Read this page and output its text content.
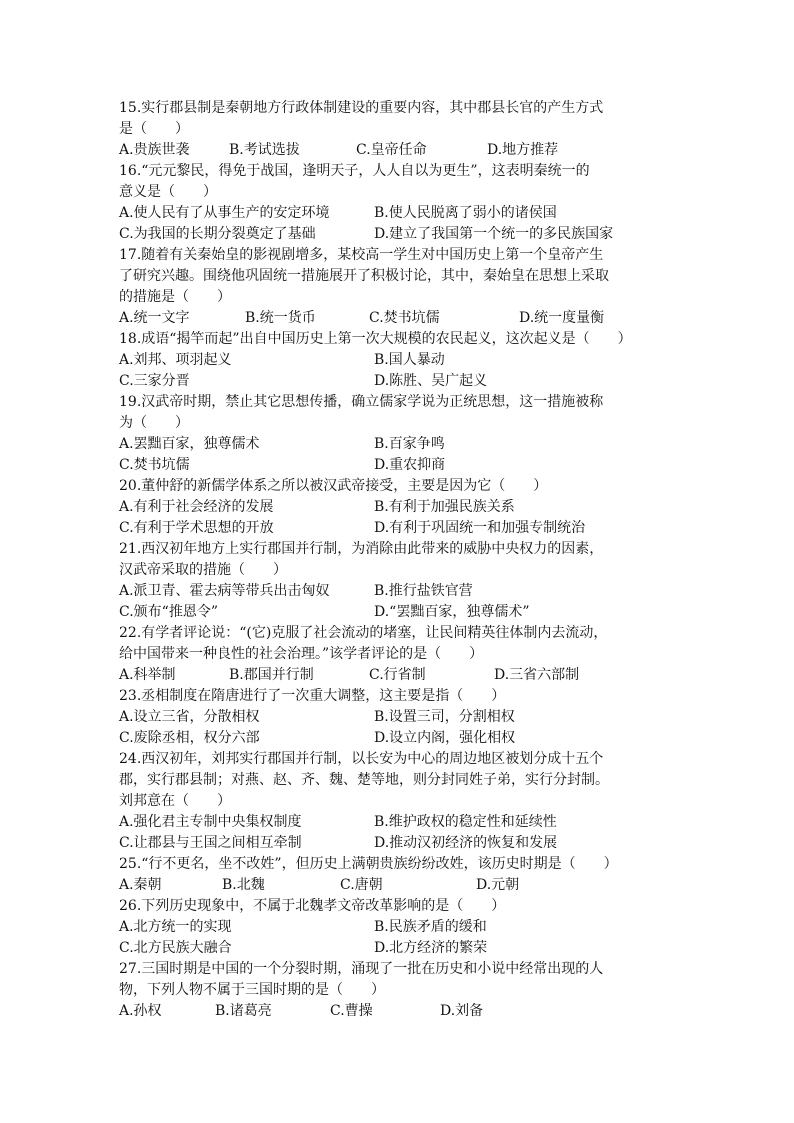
15.实行郡县制是秦朝地方行政体制建设的重要内容，其中郡县长官的产生方式
是（　　）
A.贵族世袭	B.考试选拔	C.皇帝任命	D.地方推荐
16.“元元黎民，得免于战国，逢明天子，人人自以为更生”，这表明秦统一的
意义是（　　）
A.使人民有了从事生产的安定环境	B.使人民脱离了弱小的诸侯国
C.为我国的长期分裂奠定了基础	D.建立了我国第一个统一的多民族国家
17.随着有关秦始皇的影视剧增多，某校高一学生对中国历史上第一个皇帝产生
了研究兴趣。围绕他巩固统一措施展开了积极讨论，其中，秦始皇在思想上采取
的措施是（　　）
A.统一文字	B.统一货币	C.焚书坑儒	D.统一度量衡
18.成语“揭竿而起”出自中国历史上第一次大规模的农民起义，这次起义是（　　）
A.刘邦、项羽起义	B.国人暴动
C.三家分晋	D.陈胜、吴广起义
19.汉武帝时期，禁止其它思想传播，确立儒家学说为正统思想，这一措施被称
为（　　）
A.罢黜百家，独尊儒术	B.百家争鸣
C.焚书坑儒	D.重农抑商
20.董仲舒的新儒学体系之所以被汉武帝接受，主要是因为它（　　）
A.有利于社会经济的发展	B.有利于加强民族关系
C.有利于学术思想的开放	D.有利于巩固统一和加强专制统治
21.西汉初年地方上实行郡国并行制，为消除由此带来的威胁中央权力的因素，
汉武帝采取的措施（　　）
A.派卫青、霍去病等带兵出击匈奴	B.推行盐铁官营
C.颁布“推恩令”	D.“罢黜百家，独尊儒术”
22.有学者评论说：“(它)克服了社会流动的堵塞，让民间精英往体制内去流动，
给中国带来一种良性的社会治理。”该学者评论的是（　　）
A.科举制	B.郡国并行制	C.行省制	D.三省六部制
23.丞相制度在隋唐进行了一次重大调整，这主要是指（　　）
A.设立三省，分散相权	B.设置三司，分割相权
C.废除丞相，权分六部	D.设立内阁，强化相权
24.西汉初年，刘邦实行郡国并行制，以长安为中心的周边地区被划分成十五个
郡，实行郡县制；对燕、赵、齐、魏、楚等地，则分封同姓子弟，实行分封制。
刘邦意在（　　）
A.强化君主专制中央集权制度	B.维护政权的稳定性和延续性
C.让郡县与王国之间相互牵制	D.推动汉初经济的恢复和发展
25.“行不更名，坐不改姓”，但历史上满朝贵族纷纷改姓，该历史时期是（　　）
A.秦朝	B.北魏	C.唐朝	D.元朝
26.下列历史现象中，不属于北魏孝文帝改革影响的是（　　）
A.北方统一的实现	B.民族矛盾的缓和
C.北方民族大融合	D.北方经济的繁荣
27.三国时期是中国的一个分裂时期，涌现了一批在历史和小说中经常出现的人
物，下列人物不属于三国时期的是（　　）
A.孙权	B.诸葛亮	C.曹操	D.刘备
